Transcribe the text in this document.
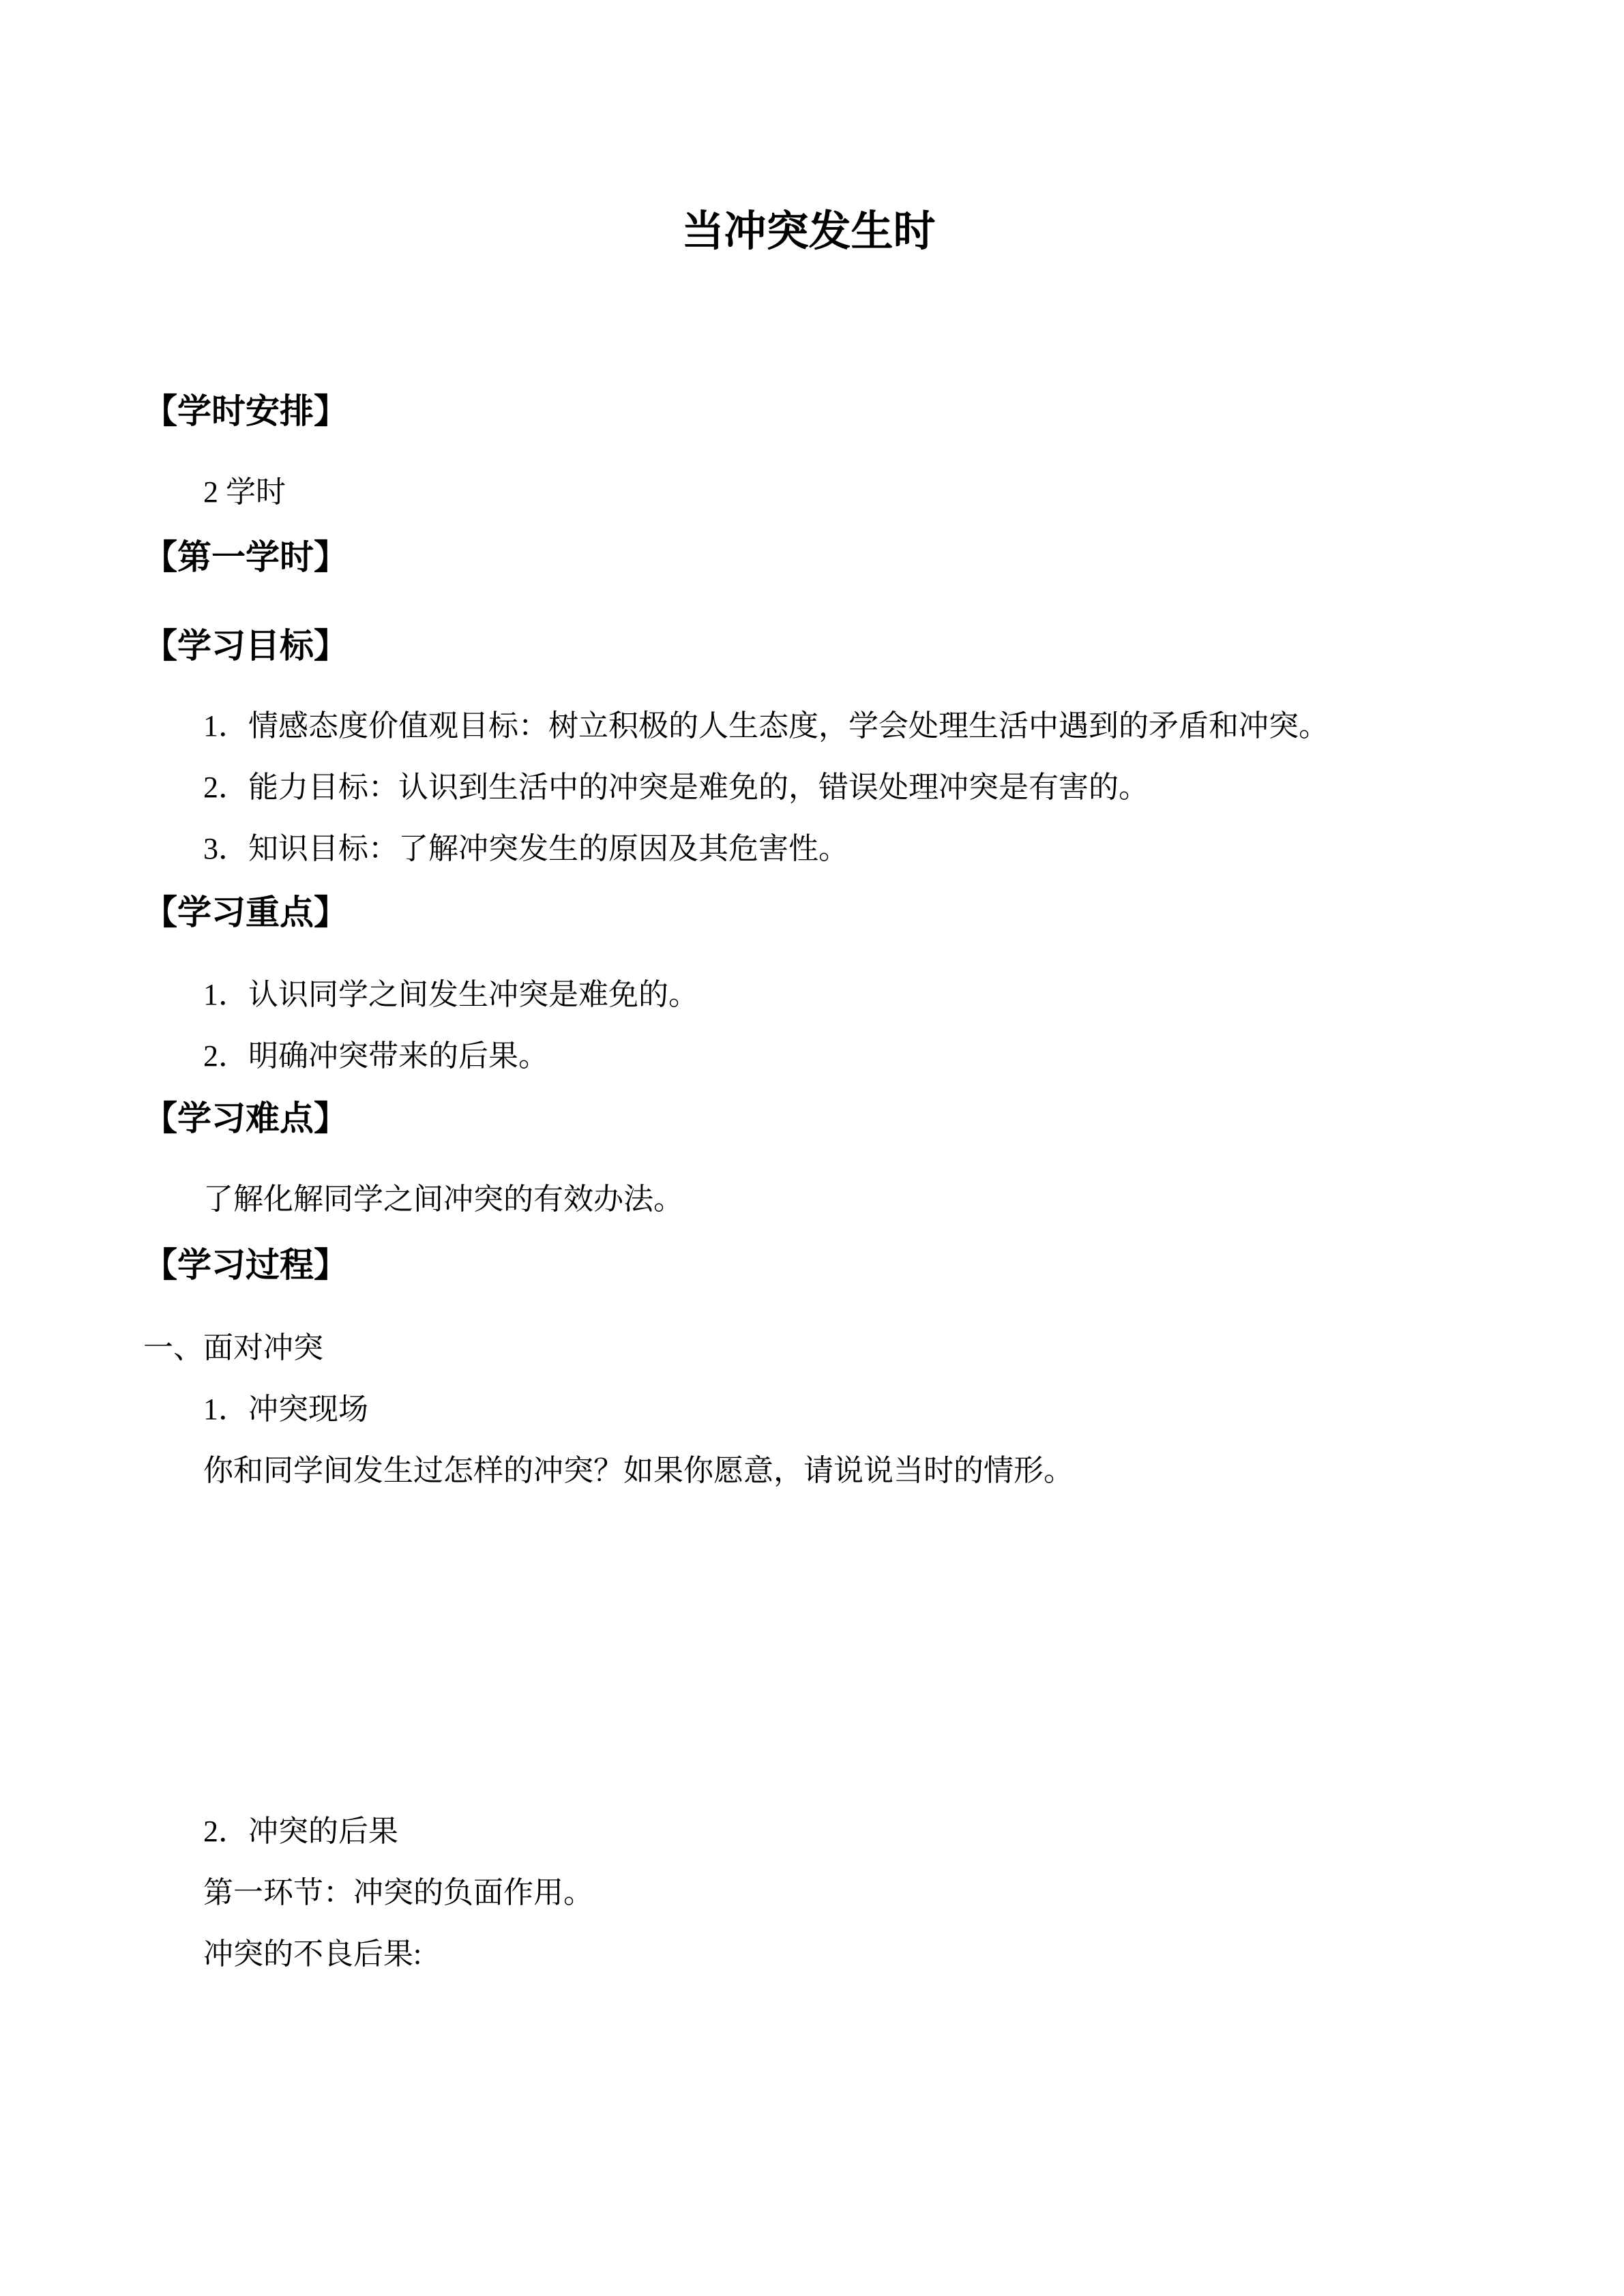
当冲突发生时
【学时安排】

2 学时

【第一学时】
【学习目标】

1．情感态度价值观目标：树立积极的人生态度，学会处理生活中遇到的矛盾和冲突。

2．能力目标：认识到生活中的冲突是难免的，错误处理冲突是有害的。

3．知识目标：了解冲突发生的原因及其危害性。

【学习重点】

1．认识同学之间发生冲突是难免的。

2．明确冲突带来的后果。

【学习难点】

了解化解同学之间冲突的有效办法。

【学习过程】

一、面对冲突

1．冲突现场

你和同学间发生过怎样的冲突？如果你愿意，请说说当时的情形。

2．冲突的后果

第一环节：冲突的负面作用。

冲突的不良后果:
